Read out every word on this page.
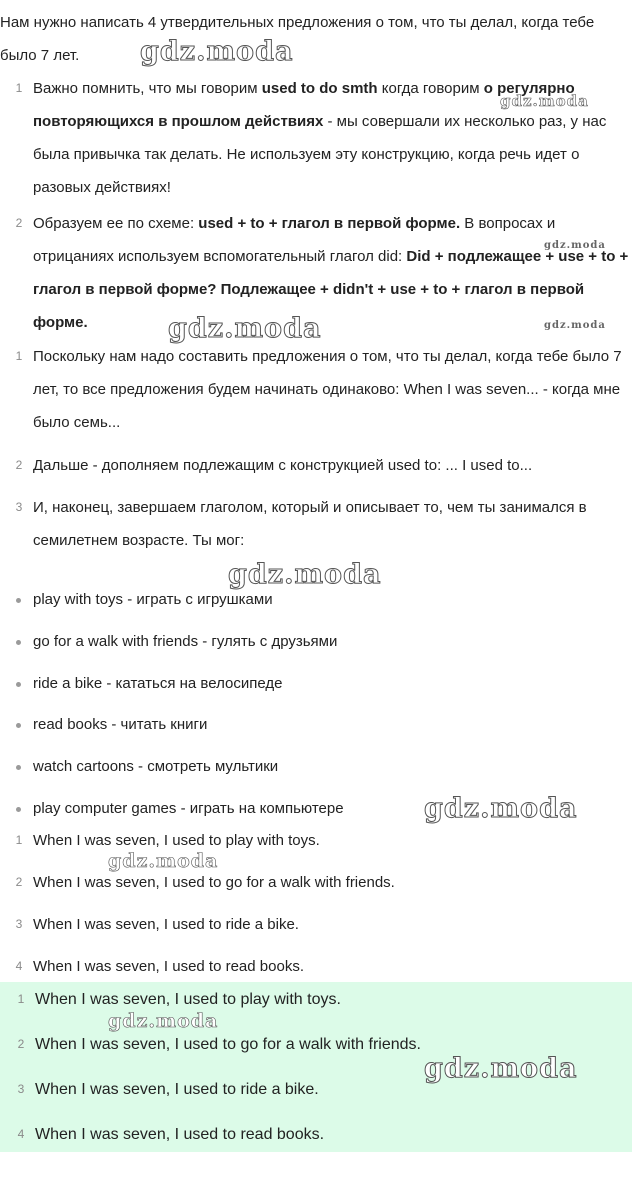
Нам нужно написать 4 утвердительных предложения о том, что ты делал, когда тебе было 7 лет.
1 Важно помнить, что мы говорим used to do smth когда говорим о регулярно повторяющихся в прошлом действиях - мы совершали их несколько раз, у нас была привычка так делать. Не используем эту конструкцию, когда речь идет о разовых действиях!
2 Образуем ее по схеме: used + to + глагол в первой форме. В вопросах и отрицаниях используем вспомогательный глагол did: Did + подлежащее + use + to + глагол в первой форме? Подлежащее + didn't + use + to + глагол в первой форме.
1 Поскольку нам надо составить предложения о том, что ты делал, когда тебе было 7 лет, то все предложения будем начинать одинаково: When I was seven... - когда мне было семь...
2 Дальше - дополняем подлежащим с конструкцией used to: ... I used to...
3 И, наконец, завершаем глаголом, который и описывает то, чем ты занимался в семилетнем возрасте. Ты мог:
play with toys - играть с игрушками
go for a walk with friends - гулять с друзьями
ride a bike - кататься на велосипеде
read books - читать книги
watch cartoons - смотреть мультики
play computer games - играть на компьютере
1 When I was seven, I used to play with toys.
2 When I was seven, I used to go for a walk with friends.
3 When I was seven, I used to ride a bike.
4 When I was seven, I used to read books.
1 When I was seven, I used to play with toys.
2 When I was seven, I used to go for a walk with friends.
3 When I was seven, I used to ride a bike.
4 When I was seven, I used to read books.
gdz.moda
gdz.moda
gdz.moda
gdz.moda	gdz.moda
gdz.moda
gdz.moda
gdz.moda
gdz.moda
gdz.moda
